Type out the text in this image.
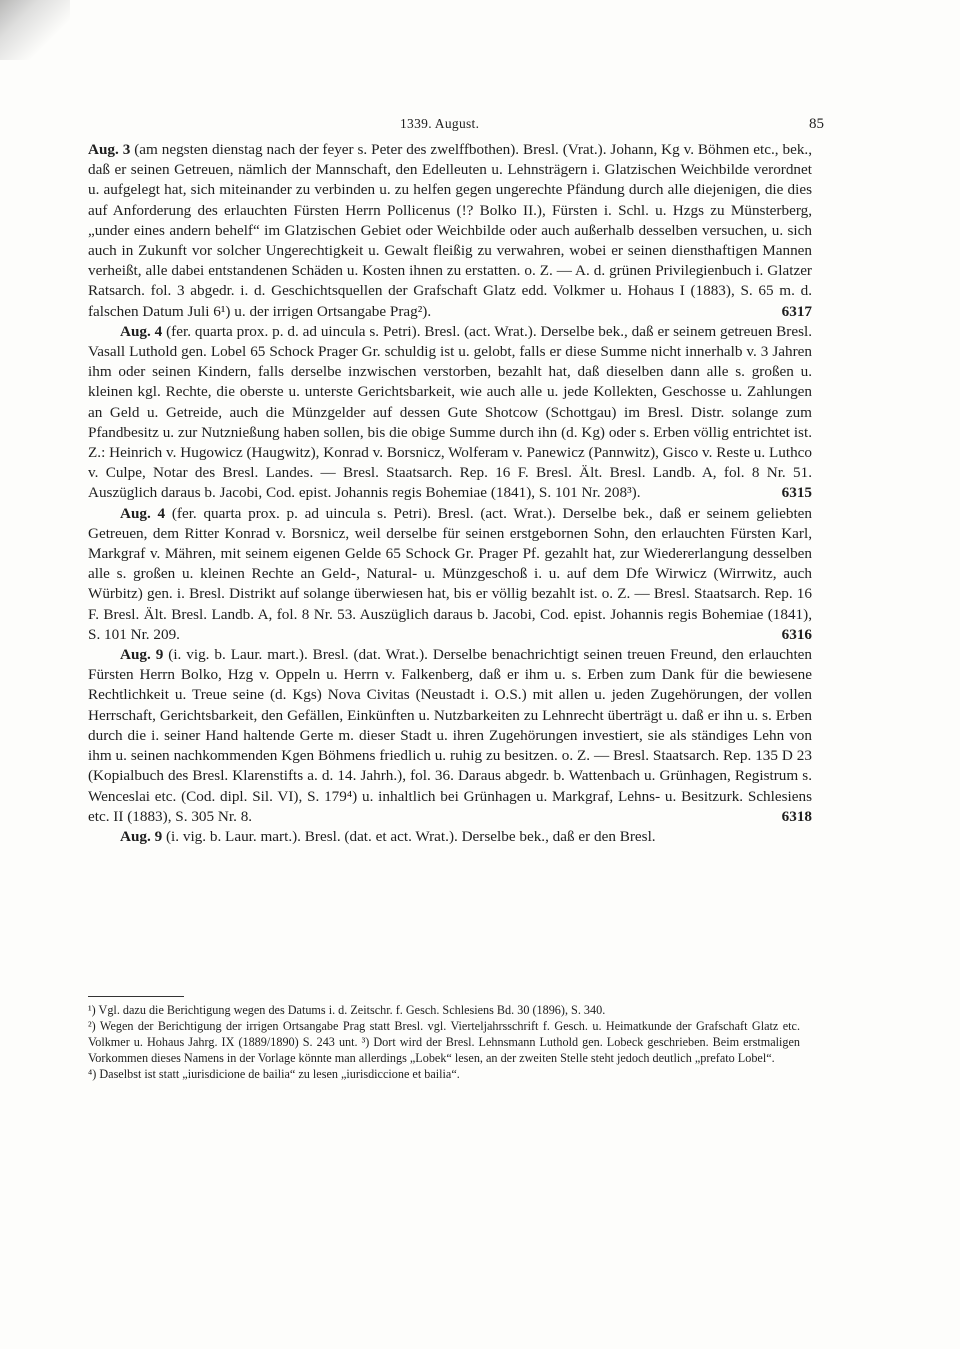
1339. August.	85

Aug. 3 (am negsten dienstag nach der feyer s. Peter des zwelffbothen). Bresl. (Vrat.). Johann, Kg v. Böhmen etc., bek., daß er seinen Getreuen, nämlich der Mannschaft, den Edelleuten u. Lehnsträgern i. Glatzischen Weichbilde verordnet u. aufgelegt hat, sich miteinander zu verbinden u. zu helfen gegen ungerechte Pfändung durch alle diejenigen, die dies auf Anforderung des erlauchten Fürsten Herrn Pollicenus (!? Bolko II.), Fürsten i. Schl. u. Hzgs zu Münsterberg, „under eines andern behelf“ im Glatzischen Gebiet oder Weichbilde oder auch außerhalb desselben versuchen, u. sich auch in Zukunft vor solcher Ungerechtigkeit u. Gewalt fleißig zu verwahren, wobei er seinen diensthaftigen Mannen verheißt, alle dabei entstandenen Schäden u. Kosten ihnen zu erstatten. o. Z. — A. d. grünen Privilegienbuch i. Glatzer Ratsarch. fol. 3 abgedr. i. d. Geschichtsquellen der Grafschaft Glatz edd. Volkmer u. Hohaus I (1883), S. 65 m. d. falschen Datum Juli 6¹) u. der irrigen Ortsangabe Prag²).	6317

Aug. 4 (fer. quarta prox. p. d. ad uincula s. Petri). Bresl. (act. Wrat.). Derselbe bek., daß er seinem getreuen Bresl. Vasall Luthold gen. Lobel 65 Schock Prager Gr. schuldig ist u. gelobt, falls er diese Summe nicht innerhalb v. 3 Jahren ihm oder seinen Kindern, falls derselbe inzwischen verstorben, bezahlt hat, daß dieselben dann alle s. großen u. kleinen kgl. Rechte, die oberste u. unterste Gerichtsbarkeit, wie auch alle u. jede Kollekten, Geschosse u. Zahlungen an Geld u. Getreide, auch die Münzgelder auf dessen Gute Shotcow (Schottgau) im Bresl. Distr. solange zum Pfandbesitz u. zur Nutznießung haben sollen, bis die obige Summe durch ihn (d. Kg) oder s. Erben völlig entrichtet ist. Z.: Heinrich v. Hugowicz (Haugwitz), Konrad v. Borsnicz, Wolferam v. Panewicz (Pannwitz), Gisco v. Reste u. Luthco v. Culpe, Notar des Bresl. Landes. — Bresl. Staatsarch. Rep. 16 F. Bresl. Ält. Bresl. Landb. A, fol. 8 Nr. 51. Auszüglich daraus b. Jacobi, Cod. epist. Johannis regis Bohemiae (1841), S. 101 Nr. 208³).	6315

Aug. 4 (fer. quarta prox. p. ad uincula s. Petri). Bresl. (act. Wrat.). Derselbe bek., daß er seinem geliebten Getreuen, dem Ritter Konrad v. Borsnicz, weil derselbe für seinen erstgebornen Sohn, den erlauchten Fürsten Karl, Markgraf v. Mähren, mit seinem eigenen Gelde 65 Schock Gr. Prager Pf. gezahlt hat, zur Wiedererlangung desselben alle s. großen u. kleinen Rechte an Geld-, Natural- u. Münzgeschoß i. u. auf dem Dfe Wirwicz (Wirrwitz, auch Würbitz) gen. i. Bresl. Distrikt auf solange überwiesen hat, bis er völlig bezahlt ist. o. Z. — Bresl. Staatsarch. Rep. 16 F. Bresl. Ält. Bresl. Landb. A, fol. 8 Nr. 53. Auszüglich daraus b. Jacobi, Cod. epist. Johannis regis Bohemiae (1841), S. 101 Nr. 209.	6316

Aug. 9 (i. vig. b. Laur. mart.). Bresl. (dat. Wrat.). Derselbe benachrichtigt seinen treuen Freund, den erlauchten Fürsten Herrn Bolko, Hzg v. Oppeln u. Herrn v. Falkenberg, daß er ihm u. s. Erben zum Dank für die bewiesene Rechtlichkeit u. Treue seine (d. Kgs) Nova Civitas (Neustadt i. O.S.) mit allen u. jeden Zugehörungen, der vollen Herrschaft, Gerichtsbarkeit, den Gefällen, Einkünften u. Nutzbarkeiten zu Lehnrecht überträgt u. daß er ihn u. s. Erben durch die i. seiner Hand haltende Gerte m. dieser Stadt u. ihren Zugehörungen investiert, sie als ständiges Lehn von ihm u. seinen nachkommenden Kgen Böhmens friedlich u. ruhig zu besitzen. o. Z. — Bresl. Staatsarch. Rep. 135 D 23 (Kopialbuch des Bresl. Klarenstifts a. d. 14. Jahrh.), fol. 36. Daraus abgedr. b. Wattenbach u. Grünhagen, Registrum s. Wenceslai etc. (Cod. dipl. Sil. VI), S. 179⁴) u. inhaltlich bei Grünhagen u. Markgraf, Lehns- u. Besitzurk. Schlesiens etc. II (1883), S. 305 Nr. 8.	6318

Aug. 9 (i. vig. b. Laur. mart.). Bresl. (dat. et act. Wrat.). Derselbe bek., daß er den Bresl.

¹) Vgl. dazu die Berichtigung wegen des Datums i. d. Zeitschr. f. Gesch. Schlesiens Bd. 30 (1896), S. 340.

²) Wegen der Berichtigung der irrigen Ortsangabe Prag statt Bresl. vgl. Vierteljahrsschrift f. Gesch. u. Heimatkunde der Grafschaft Glatz etc. Volkmer u. Hohaus Jahrg. IX (1889/1890) S. 243 unt. ³) Dort wird der Bresl. Lehnsmann Luthold gen. Lobeck geschrieben. Beim erstmaligen Vorkommen dieses Namens in der Vorlage könnte man allerdings „Lobek“ lesen, an der zweiten Stelle steht jedoch deutlich „prefato Lobel“.

⁴) Daselbst ist statt „iurisdicione de bailia“ zu lesen „iurisdiccione et bailia“.
